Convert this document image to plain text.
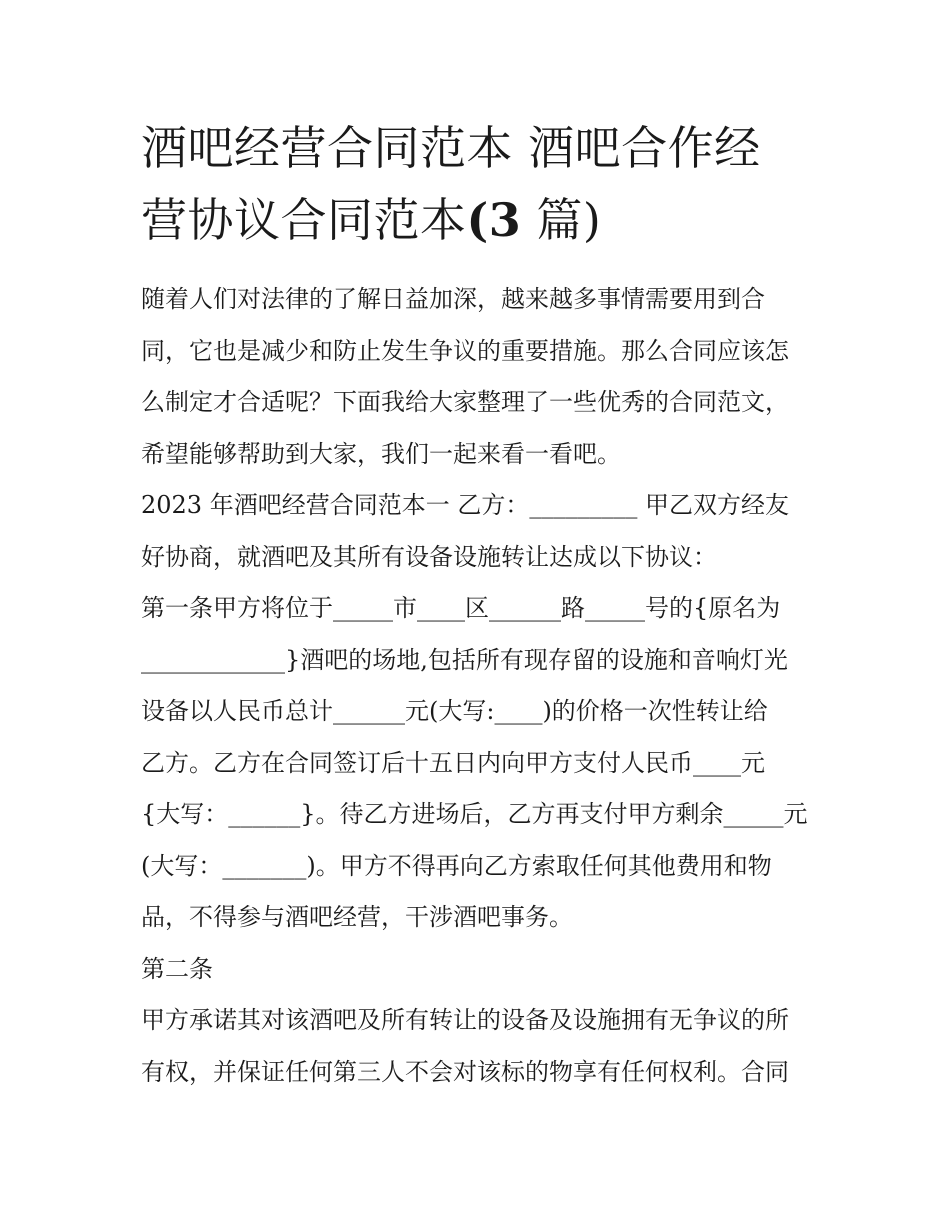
酒吧经营合同范本 酒吧合作经
营协议合同范本(3 篇)
随着人们对法律的了解日益加深，越来越多事情需要用到合
同，它也是减少和防止发生争议的重要措施。那么合同应该怎
么制定才合适呢？下面我给大家整理了一些优秀的合同范文，
希望能够帮助到大家，我们一起来看一看吧。
2023 年酒吧经营合同范本一 乙方：_________ 甲乙双方经友
好协商，就酒吧及其所有设备设施转让达成以下协议：
第一条甲方将位于_____市____区______路_____号的{原名为
____________}酒吧的场地,包括所有现存留的设施和音响灯光
设备以人民币总计______元(大写:____)的价格一次性转让给
乙方。乙方在合同签订后十五日内向甲方支付人民币____元
{大写：______}。待乙方进场后，乙方再支付甲方剩余_____元
(大写：_______)。甲方不得再向乙方索取任何其他费用和物
品，不得参与酒吧经营，干涉酒吧事务。
第二条
甲方承诺其对该酒吧及所有转让的设备及设施拥有无争议的所
有权，并保证任何第三人不会对该标的物享有任何权利。合同
